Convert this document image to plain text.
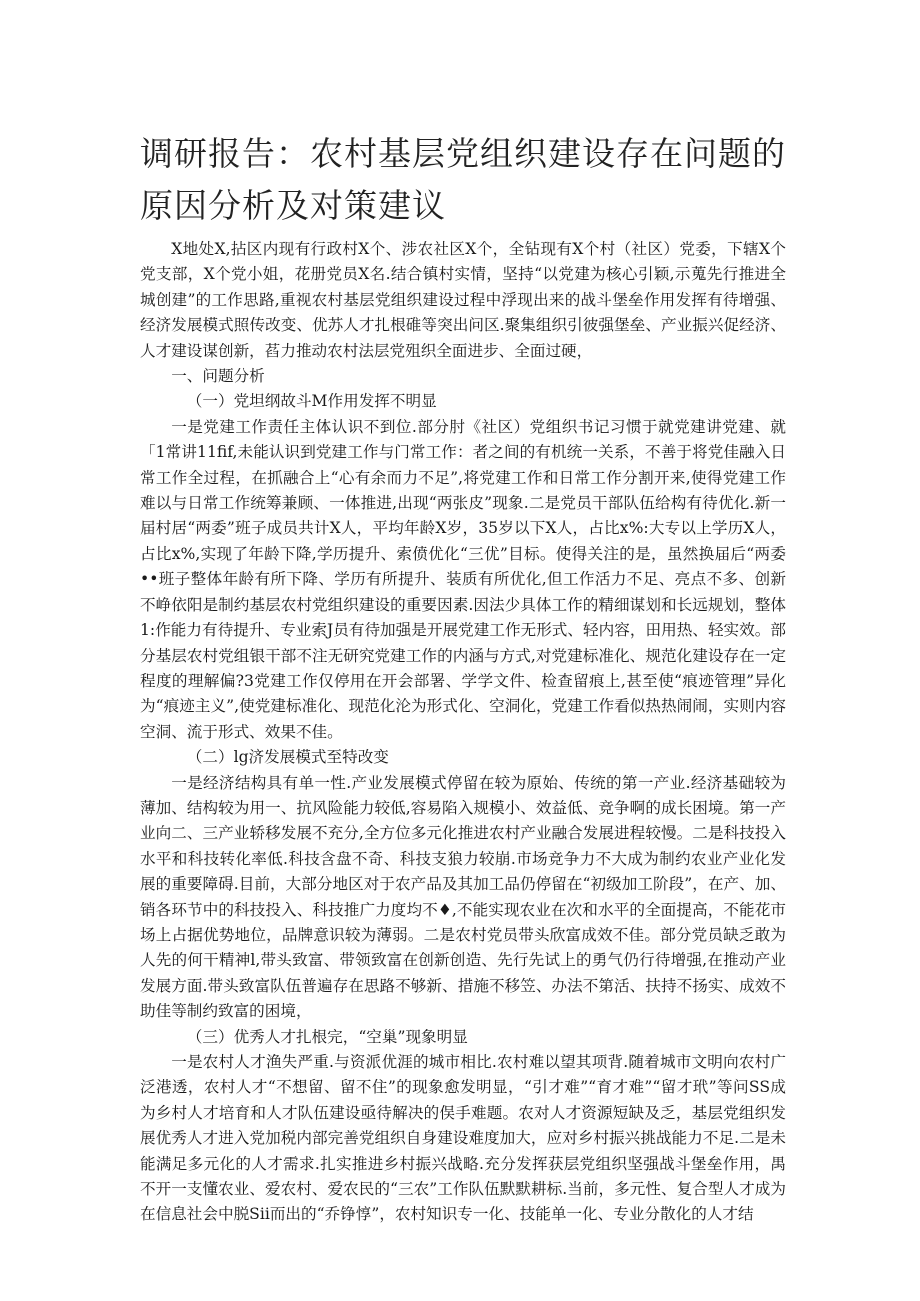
调研报告：农村基层党组织建设存在问题的原因分析及对策建议

X地处X,拈区内现有行政村X个、涉农社区X个，全钻现有X个村（社区）党委，下辖X个党支部，X个党小姐，花册党员X名.结合镇村实情，坚持“以党建为核心引颖,示蒐先行推进全城创建”的工作思路,重视农村基层党组织建设过程中浮现出来的战斗堡垒作用发挥有待增强、经济发展模式照传改变、优苏人才扎根碓等突出问区.聚集组织引彼强堡垒、产业振兴促经济、人才建设谋创新，萏力推动农村法层党殂织全面进步、全面过硬，

一、问题分析

（一）党坦纲故斗M作用发挥不明显

一是党建工作责任主体认识不到位.部分肘《社区）党组织书记习惯于就党建讲党建、就「1常讲11fif,未能认识到党建工作与门常工作：者之间的有机统一关系，不善于将党佳融入日常工作全过程，在抓融合上“心有余而力不足”,将党建工作和日常工作分割开来,使得党建工作难以与日常工作统筹兼顾、一体推进,出现“两张皮”现象.二是党员干部队伍给构有待优化.新一届村居“两委”班子成员共计X人，平均年龄X岁，35岁以下X人，占比x%:大专以上学历X人，占比x%,实现了年龄下降,学历提升、索偾优化“三优”目标。使得关注的是，虽然换届后“两委••班子整体年龄有所下降、学历有所提升、装质有所优化,但工作活力不足、亮点不多、创新不峥依阳是制约基层农村党组织建设的重要因素.因法少具体工作的精细谋划和长远规划，整体1:作能力有待提升、专业索J员有待加强是开展党建工作无形式、轻内容，田用热、轻实效。部分基层农村党组银干部不注无研究党建工作的内涵与方式,对党建标准化、规范化建设存在一定程度的理解偏?3党建工作仅停用在开会部署、学学文件、检查留痕上,甚至使“痕迹管理”异化为“痕迹主义”,使党建标准化、现范化沦为形式化、空洞化，党建工作看似热热闹闹，实则内容空洞、流于形式、效果不佳。

（二）lg济发展模式至特改变

一是经济结构具有单一性.产业发展模式停留在较为原始、传统的第一产业.经济基础较为薄加、结构较为用一、抗风险能力较低,容易陷入规模小、效益低、竞争啊的成长困境。第一产业向二、三产业轿移发展不充分,全方位多元化推进农村产业融合发展进程较慢。二是科技投入水平和科技转化率低.科技含盘不奇、科技支狼力较崩.市场竞争力不大成为制约农业产业化发展的重要障碍.目前，大部分地区对于农产品及其加工品仍停留在“初级加工阶段”，在产、加、销各环节中的科技投入、科技推广力度均不♦,不能实现农业在次和水平的全面提高，不能花市场上占据优势地位，品牌意识较为薄弱。二是农村党员带头欣富成效不佳。部分党员缺乏敢为人先的何干精神l,带头致富、带领致富在创新创造、先行先试上的勇气仍行待增强,在推动产业发展方面.带头致富队伍普遍存在思路不够新、措施不移笠、办法不第活、扶持不扬实、成效不助佳等制约致富的困境，

（三）优秀人才扎根完，“空巢”现象明显

一是农村人才渔失严重.与资派优涯的城市相比.农村难以望其项背.随着城市文明向农村广泛港透，农村人才“不想留、留不住”的现象愈发明显，“引才难”“育才难”“留才玳”等问SS成为乡村人才培育和人才队伍建设亟待解决的俣手难题。农对人才资源短缺及乏，基层党组织发展优秀人才进入党加税内部完善党组织自身建设难度加大，应对乡村振兴挑战能力不足.二是未能满足多元化的人才需求.扎实推进乡村振兴战略.充分发挥获层党组织坚强战斗堡垒作用，禺不开一支懂农业、爱农村、爱农民的“三农”工作队伍默默耕标.当前，多元性、复合型人才成为在信息社会中脱Sii而出的“乔铮惇”，农村知识专一化、技能单一化、专业分散化的人才结
